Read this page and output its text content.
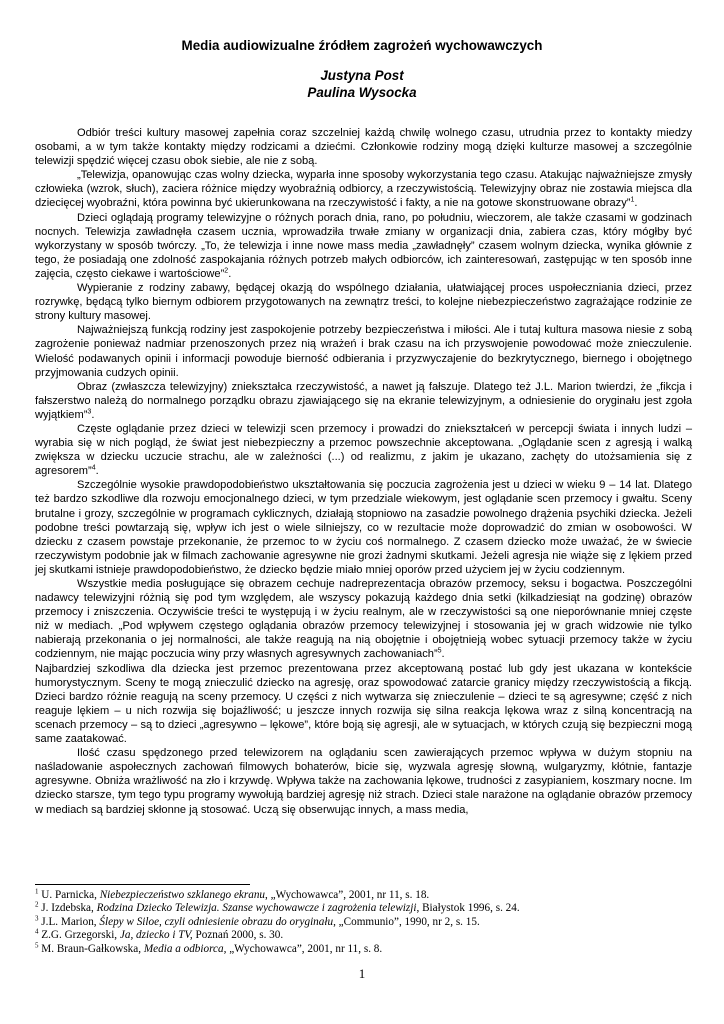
Media audiowizualne źródłem zagrożeń wychowawczych
Justyna Post
Paulina Wysocka

Odbiór treści kultury masowej zapełnia coraz szczelniej każdą chwilę wolnego czasu, utrudnia przez to kontakty miedzy osobami, a w tym także kontakty między rodzicami a dziećmi. Członkowie rodziny mogą dzięki kulturze masowej a szczególnie telewizji spędzić więcej czasu obok siebie, ale nie z sobą.

„Telewizja, opanowując czas wolny dziecka, wyparła inne sposoby wykorzystania tego czasu. Atakując najważniejsze zmysły człowieka (wzrok, słuch), zaciera różnice między wyobraźnią odbiorcy, a rzeczywistością. Telewizyjny obraz nie zostawia miejsca dla dziecięcej wyobraźni, która powinna być ukierunkowana na rzeczywistość i fakty, a nie na gotowe skonstruowane obrazy”$^1$.

Dzieci oglądają programy telewizyjne o różnych porach dnia, rano, po południu, wieczorem, ale także czasami w godzinach nocnych. Telewizja zawładnęła czasem ucznia, wprowadziła trwałe zmiany w organizacji dnia, zabiera czas, który mógłby być wykorzystany w sposób twórczy. „To, że telewizja i inne nowe mass media „zawładnęły” czasem wolnym dziecka, wynika głównie z tego, że posiadają one zdolność zaspokajania różnych potrzeb małych odbiorców, ich zainteresowań, zastępując w ten sposób inne zajęcia, często ciekawe i wartościowe”$^2$.

Wypieranie z rodziny zabawy, będącej okazją do wspólnego działania, ułatwiającej proces uspołeczniania dzieci, przez rozrywkę, będącą tylko biernym odbiorem przygotowanych na zewnątrz treści, to kolejne niebezpieczeństwo zagrażające rodzinie ze strony kultury masowej.

Najważniejszą funkcją rodziny jest zaspokojenie potrzeby bezpieczeństwa i miłości. Ale i tutaj kultura masowa niesie z sobą zagrożenie ponieważ nadmiar przenoszonych przez nią wrażeń i brak czasu na ich przyswojenie powodować może znieczulenie. Wielość podawanych opinii i informacji powoduje bierność odbierania i przyzwyczajenie do bezkrytycznego, biernego i obojętnego przyjmowania cudzych opinii.

Obraz (zwłaszcza telewizyjny) zniekształca rzeczywistość, a nawet ją fałszuje. Dlatego też J.L. Marion twierdzi, że „fikcja i fałszerstwo należą do normalnego porządku obrazu zjawiającego się na ekranie telewizyjnym, a odniesienie do oryginału jest zgoła wyjątkiem”$^3$.

Częste oglądanie przez dzieci w telewizji scen przemocy i prowadzi do zniekształceń w percepcji świata i innych ludzi – wyrabia się w nich pogląd, że świat jest niebezpieczny a przemoc powszechnie akceptowana. „Oglądanie scen z agresją i walką zwiększa w dziecku uczucie strachu, ale w zależności (...) od realizmu, z jakim je ukazano, zachęty do utożsamienia się z agresorem”$^4$.

Szczególnie wysokie prawdopodobieństwo ukształtowania się poczucia zagrożenia jest u dzieci w wieku 9 – 14 lat. Dlatego też bardzo szkodliwe dla rozwoju emocjonalnego dzieci, w tym przedziale wiekowym, jest oglądanie scen przemocy i gwałtu. Sceny brutalne i grozy, szczególnie w programach cyklicznych, działają stopniowo na zasadzie powolnego drążenia psychiki dziecka. Jeżeli podobne treści powtarzają się, wpływ ich jest o wiele silniejszy, co w rezultacie może doprowadzić do zmian w osobowości. W dziecku z czasem powstaje przekonanie, że przemoc to w życiu coś normalnego. Z czasem dziecko może uważać, że w świecie rzeczywistym podobnie jak w filmach zachowanie agresywne nie grozi żadnymi skutkami. Jeżeli agresja nie wiąże się z lękiem przed jej skutkami istnieje prawdopodobieństwo, że dziecko będzie miało mniej oporów przed użyciem jej w życiu codziennym.

Wszystkie media posługujące się obrazem cechuje nadreprezentacja obrazów przemocy, seksu i bogactwa. Poszczególni nadawcy telewizyjni różnią się pod tym względem, ale wszyscy pokazują każdego dnia setki (kilkadziesiąt na godzinę) obrazów przemocy i zniszczenia. Oczywiście treści te występują i w życiu realnym, ale w rzeczywistości są one nieporównanie mniej częste niż w mediach. „Pod wpływem częstego oglądania obrazów przemocy telewizyjnej i stosowania jej w grach widzowie nie tylko nabierają przekonania o jej normalności, ale także reagują na nią obojętnie i obojętnieją wobec sytuacji przemocy także w życiu codziennym, nie mając poczucia winy przy własnych agresywnych zachowaniach”$^5$.

Najbardziej szkodliwa dla dziecka jest przemoc prezentowana przez akceptowaną postać lub gdy jest ukazana w kontekście humorystycznym. Sceny te mogą znieczulić dziecko na agresję, oraz spowodować zatarcie granicy między rzeczywistością a fikcją. Dzieci bardzo różnie reagują na sceny przemocy. U części z nich wytwarza się znieczulenie – dzieci te są agresywne; część z nich reaguje lękiem – u nich rozwija się bojaźliwość; u jeszcze innych rozwija się silna reakcja lękowa wraz z silną koncentracją na scenach przemocy – są to dzieci „agresywno – lękowe”, które boją się agresji, ale w sytuacjach, w których czują się bezpieczni mogą same zaatakować.

Ilość czasu spędzonego przed telewizorem na oglądaniu scen zawierających przemoc wpływa w dużym stopniu na naśladowanie aspołecznych zachowań filmowych bohaterów, bicie się, wyzwala agresję słowną, wulgaryzmy, kłótnie, fantazje agresywne. Obniża wrażliwość na zło i krzywdę. Wpływa także na zachowania lękowe, trudności z zasypianiem, koszmary nocne. Im dziecko starsze, tym tego typu programy wywołują bardziej agresję niż strach. Dzieci stale narażone na oglądanie obrazów przemocy w mediach są bardziej skłonne ją stosować. Uczą się obserwując innych, a mass media,

$^1$ U. Parnicka, Niebezpieczeństwo szklanego ekranu, „Wychowawca”, 2001, nr 11, s. 18.
$^2$ J. Izdebska, Rodzina Dziecko Telewizja. Szanse wychowawcze i zagrożenia telewizji, Białystok 1996, s. 24.
$^3$ J.L. Marion, Ślepy w Siloe, czyli odniesienie obrazu do oryginału, „Communio”, 1990, nr 2, s. 15.
$^4$ Z.G. Grzegorski, Ja, dziecko i TV, Poznań 2000, s. 30.
$^5$ M. Braun-Gałkowska, Media a odbiorca, „Wychowawca”, 2001, nr 11, s. 8.
1
